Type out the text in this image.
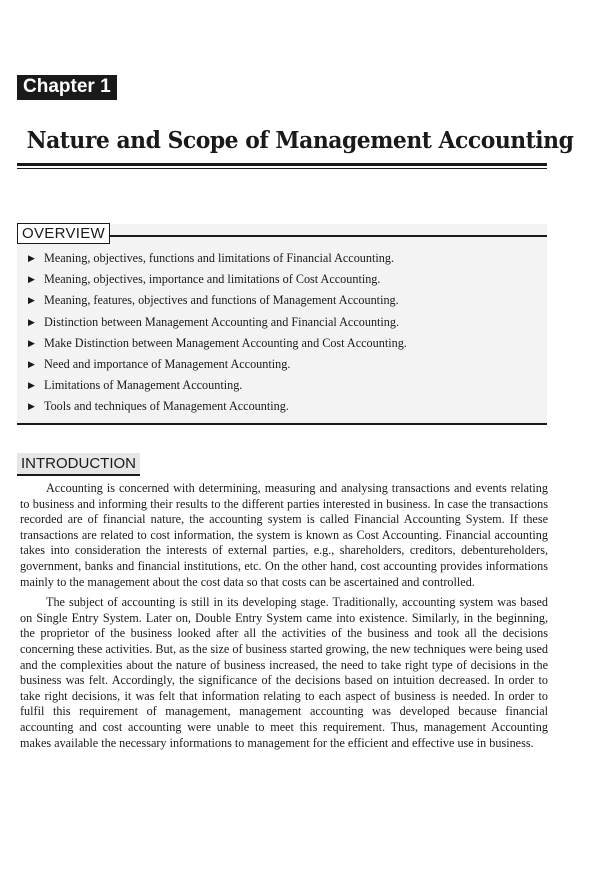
Chapter 1
Nature and Scope of Management Accounting
OVERVIEW
▶ Meaning, objectives, functions and limitations of Financial Accounting.
▶ Meaning, objectives, importance and limitations of Cost Accounting.
▶ Meaning, features, objectives and functions of Management Accounting.
▶ Distinction between Management Accounting and Financial Accounting.
▶ Make Distinction between Management Accounting and Cost Accounting.
▶ Need and importance of Management Accounting.
▶ Limitations of Management Accounting.
▶ Tools and techniques of Management Accounting.
INTRODUCTION

Accounting is concerned with determining, measuring and analysing transactions and events relating to business and informing their results to the different parties interested in business. In case the transactions recorded are of financial nature, the accounting system is called Financial Accounting System. If these transactions are related to cost information, the system is known as Cost Accounting. Financial accounting takes into consideration the interests of external parties, e.g., shareholders, creditors, debentureholders, government, banks and financial institutions, etc. On the other hand, cost accounting provides informations mainly to the management about the cost data so that costs can be ascertained and controlled.

The subject of accounting is still in its developing stage. Traditionally, accounting system was based on Single Entry System. Later on, Double Entry System came into existence. Similarly, in the beginning, the proprietor of the business looked after all the activities of the business and took all the decisions concerning these activities. But, as the size of business started growing, the new techniques were being used and the complexities about the nature of business increased, the need to take right type of decisions in the business was felt. Accordingly, the significance of the decisions based on intuition decreased. In order to take right decisions, it was felt that information relating to each aspect of business is needed. In order to fulfil this requirement of management, management accounting was developed because financial accounting and cost accounting were unable to meet this requirement. Thus, management Accounting makes available the necessary informations to management for the efficient and effective use in business.
